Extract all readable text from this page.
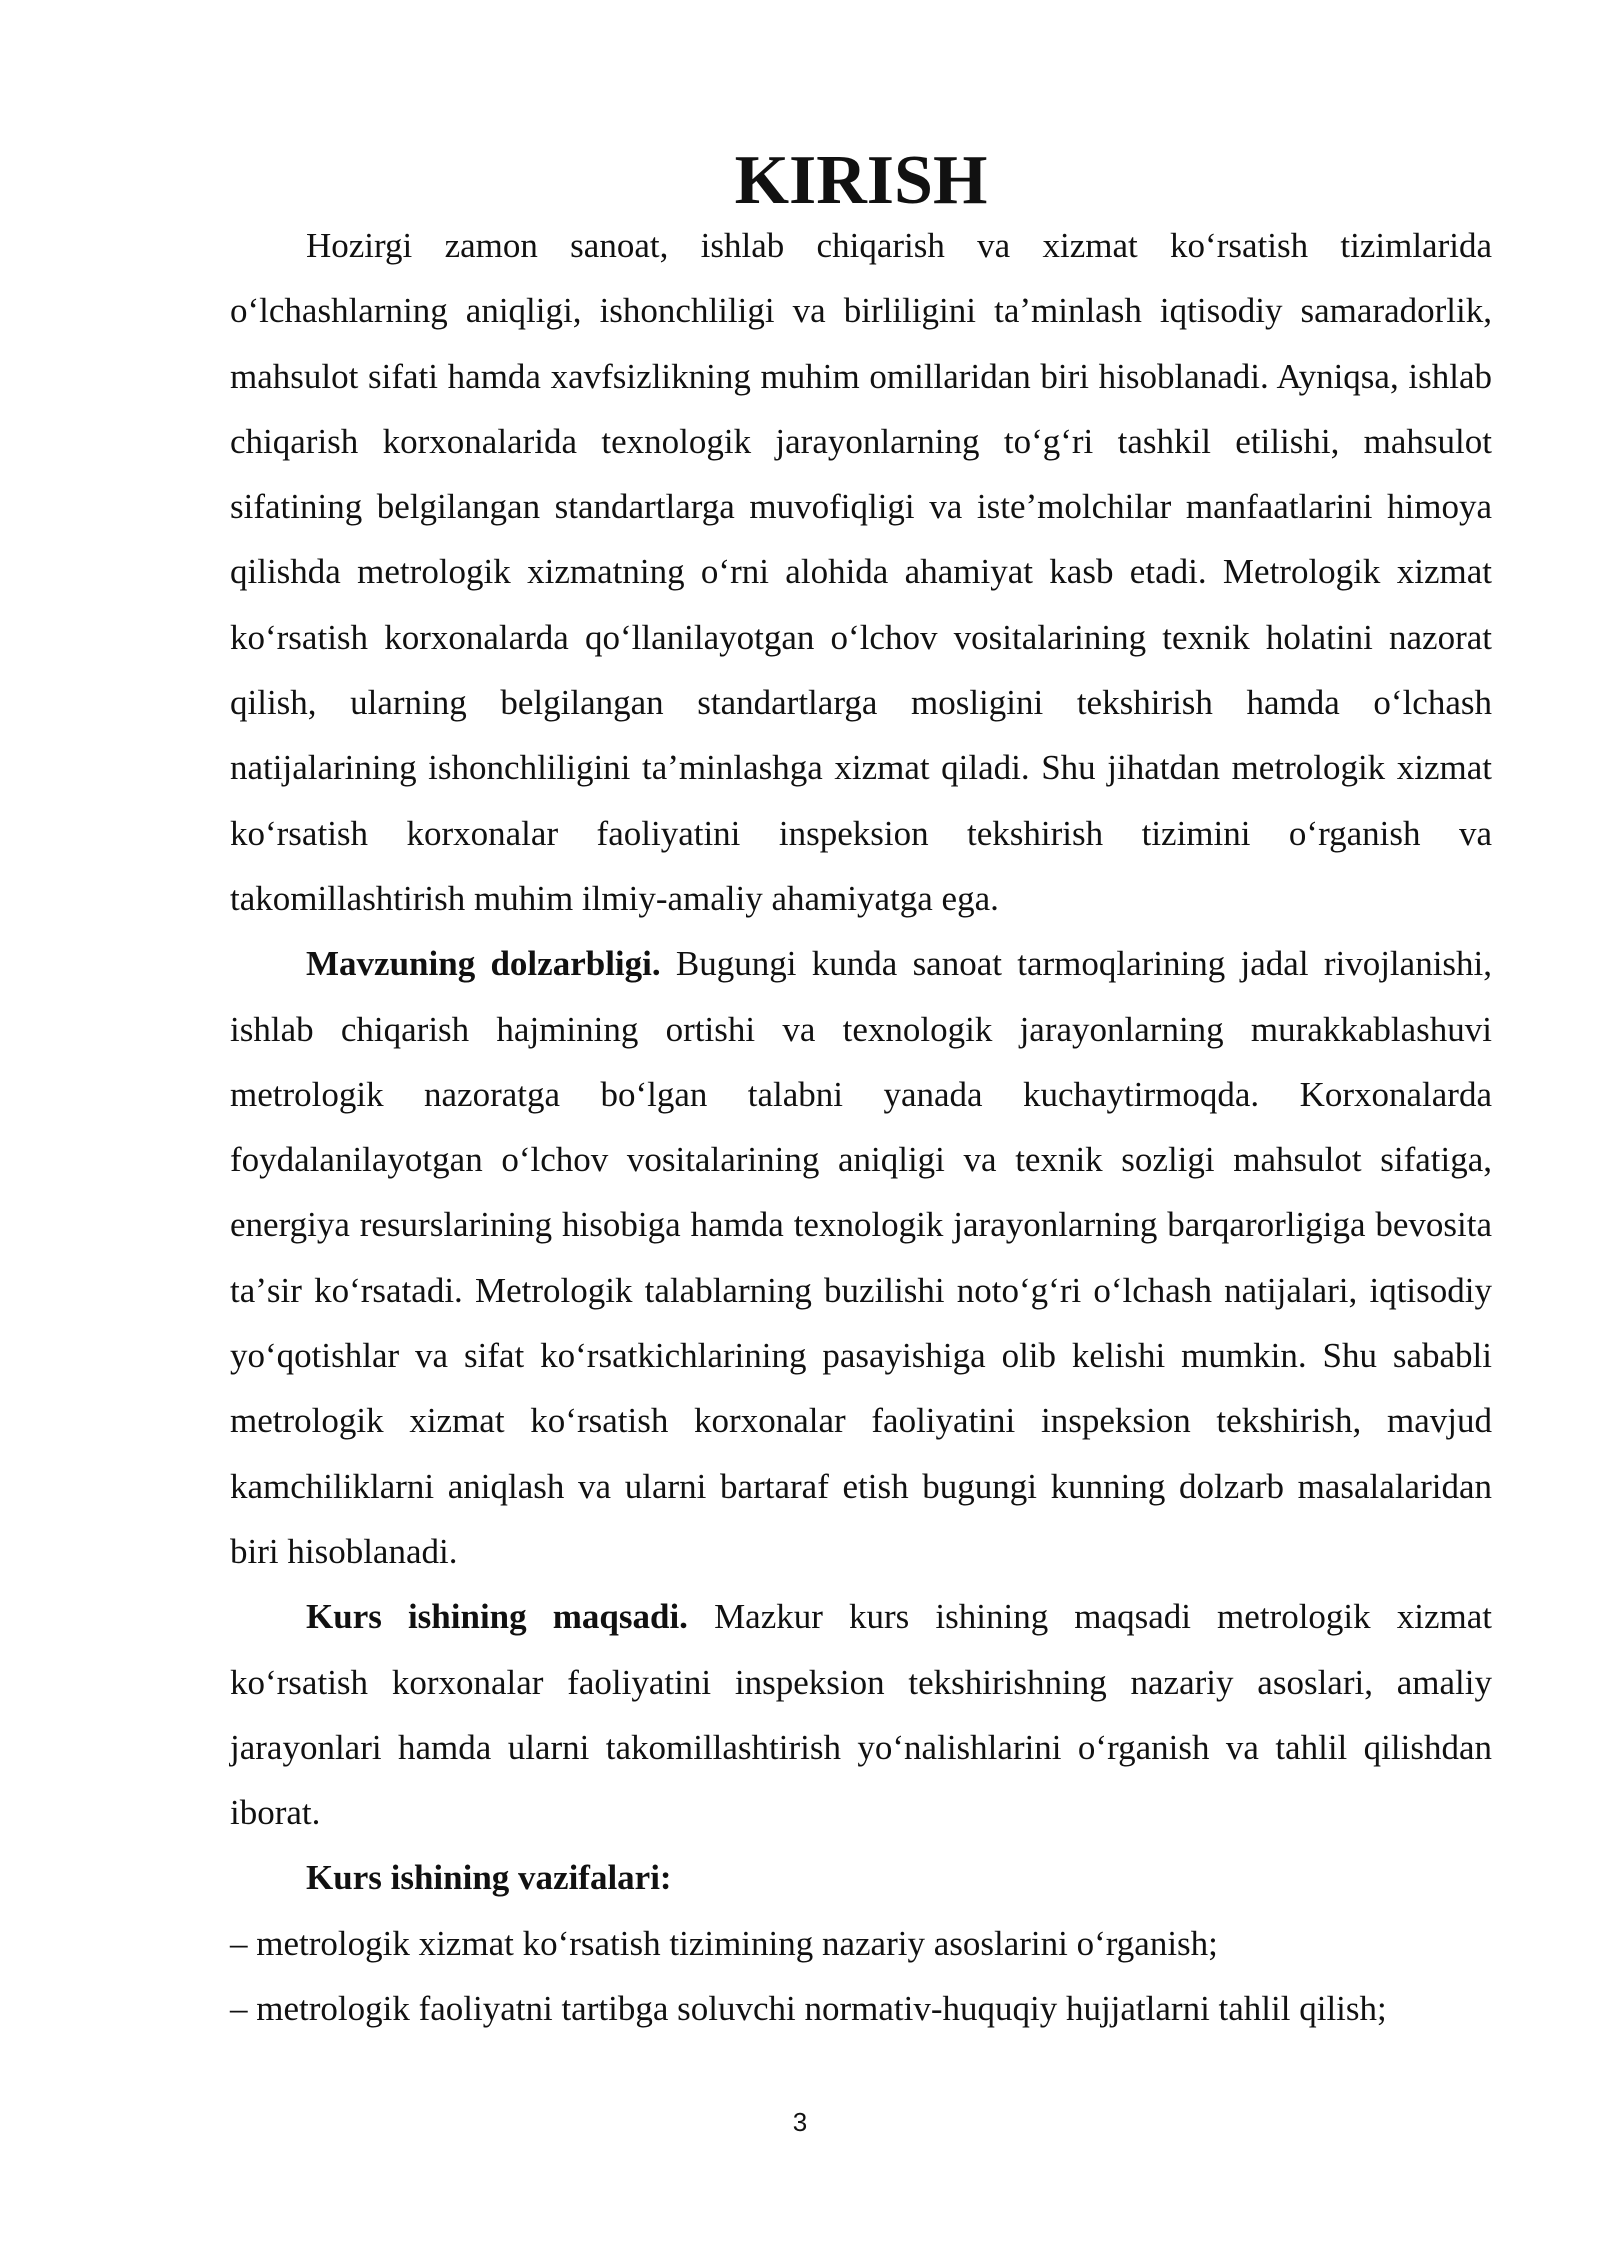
KIRISH

Hozirgi zamon sanoat, ishlab chiqarish va xizmat koʻrsatish tizimlarida oʻlchashlarning aniqligi, ishonchliligi va birliligini taʼminlash iqtisodiy samaradorlik, mahsulot sifati hamda xavfsizlikning muhim omillaridan biri hisoblanadi. Ayniqsa, ishlab chiqarish korxonalarida texnologik jarayonlarning toʻgʻri tashkil etilishi, mahsulot sifatining belgilangan standartlarga muvofiqligi va isteʼmolchilar manfaatlarini himoya qilishda metrologik xizmatning oʻrni alohida ahamiyat kasb etadi. Metrologik xizmat koʻrsatish korxonalarda qoʻllanilayotgan oʻlchov vositalarining texnik holatini nazorat qilish, ularning belgilangan standartlarga mosligini tekshirish hamda oʻlchash natijalarining ishonchliligini taʼminlashga xizmat qiladi. Shu jihatdan metrologik xizmat koʻrsatish korxonalar faoliyatini inspeksion tekshirish tizimini oʻrganish va takomillashtirish muhim ilmiy-amaliy ahamiyatga ega.

Mavzuning dolzarbligi. Bugungi kunda sanoat tarmoqlarining jadal rivojlanishi, ishlab chiqarish hajmining ortishi va texnologik jarayonlarning murakkablashuvi metrologik nazoratga boʻlgan talabni yanada kuchaytirmoqda. Korxonalarda foydalanilayotgan oʻlchov vositalarining aniqligi va texnik sozligi mahsulot sifatiga, energiya resurslarining hisobiga hamda texnologik jarayonlarning barqarorligiga bevosita taʼsir koʻrsatadi. Metrologik talablarning buzilishi notoʻgʻri oʻlchash natijalari, iqtisodiy yoʻqotishlar va sifat koʻrsatkichlarining pasayishiga olib kelishi mumkin. Shu sababli metrologik xizmat koʻrsatish korxonalar faoliyatini inspeksion tekshirish, mavjud kamchiliklarni aniqlash va ularni bartaraf etish bugungi kunning dolzarb masalalaridan biri hisoblanadi.

Kurs ishining maqsadi. Mazkur kurs ishining maqsadi metrologik xizmat koʻrsatish korxonalar faoliyatini inspeksion tekshirishning nazariy asoslari, amaliy jarayonlari hamda ularni takomillashtirish yoʻnalishlarini oʻrganish va tahlil qilishdan iborat.

Kurs ishining vazifalari:

– metrologik xizmat koʻrsatish tizimining nazariy asoslarini oʻrganish;
– metrologik faoliyatni tartibga soluvchi normativ-huquqiy hujjatlarni tahlil qilish;
3
